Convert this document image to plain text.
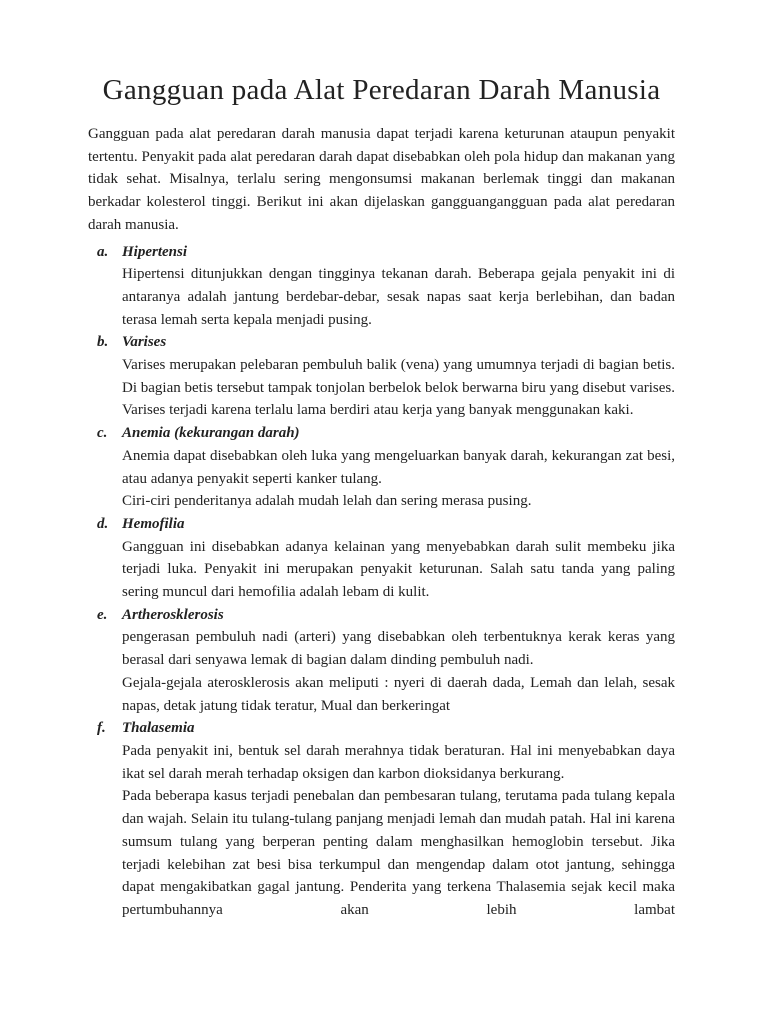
Gangguan pada Alat Peredaran Darah Manusia

Gangguan pada alat peredaran darah manusia dapat terjadi karena keturunan ataupun penyakit tertentu. Penyakit pada alat peredaran darah dapat disebabkan oleh pola hidup dan makanan yang tidak sehat. Misalnya, terlalu sering mengonsumsi makanan berlemak tinggi dan makanan berkadar kolesterol tinggi. Berikut ini akan dijelaskan gangguangangguan pada alat peredaran darah manusia.

a. Hipertensi

Hipertensi ditunjukkan dengan tingginya tekanan darah. Beberapa gejala penyakit ini di antaranya adalah jantung berdebar-debar, sesak napas saat kerja berlebihan, dan badan terasa lemah serta kepala menjadi pusing.

b. Varises

Varises merupakan pelebaran pembuluh balik (vena) yang umumnya terjadi di bagian betis. Di bagian betis tersebut tampak tonjolan berbelok belok berwarna biru yang disebut varises. Varises terjadi karena terlalu lama berdiri atau kerja yang banyak menggunakan kaki.

c. Anemia (kekurangan darah)

Anemia dapat disebabkan oleh luka yang mengeluarkan banyak darah, kekurangan zat besi, atau adanya penyakit seperti kanker tulang.

Ciri-ciri penderitanya adalah mudah lelah dan sering merasa pusing.

d. Hemofilia

Gangguan ini disebabkan adanya kelainan yang menyebabkan darah sulit membeku jika terjadi luka. Penyakit ini merupakan penyakit keturunan. Salah satu tanda yang paling sering muncul dari hemofilia adalah lebam di kulit.

e. Artherosklerosis

pengerasan pembuluh nadi (arteri) yang disebabkan oleh terbentuknya kerak keras yang berasal dari senyawa lemak di bagian dalam dinding pembuluh nadi.

Gejala-gejala aterosklerosis akan meliputi : nyeri di daerah dada, Lemah dan lelah, sesak napas, detak jatung tidak teratur, Mual dan berkeringat

f. Thalasemia

Pada penyakit ini, bentuk sel darah merahnya tidak beraturan. Hal ini menyebabkan daya ikat sel darah merah terhadap oksigen dan karbon dioksidanya berkurang.

Pada beberapa kasus terjadi penebalan dan pembesaran tulang, terutama pada tulang kepala dan wajah. Selain itu tulang-tulang panjang menjadi lemah dan mudah patah. Hal ini karena sumsum tulang yang berperan penting dalam menghasilkan hemoglobin tersebut. Jika terjadi kelebihan zat besi bisa terkumpul dan mengendap dalam otot jantung, sehingga dapat mengakibatkan gagal jantung. Penderita yang terkena Thalasemia sejak kecil maka pertumbuhannya akan lebih lambat
